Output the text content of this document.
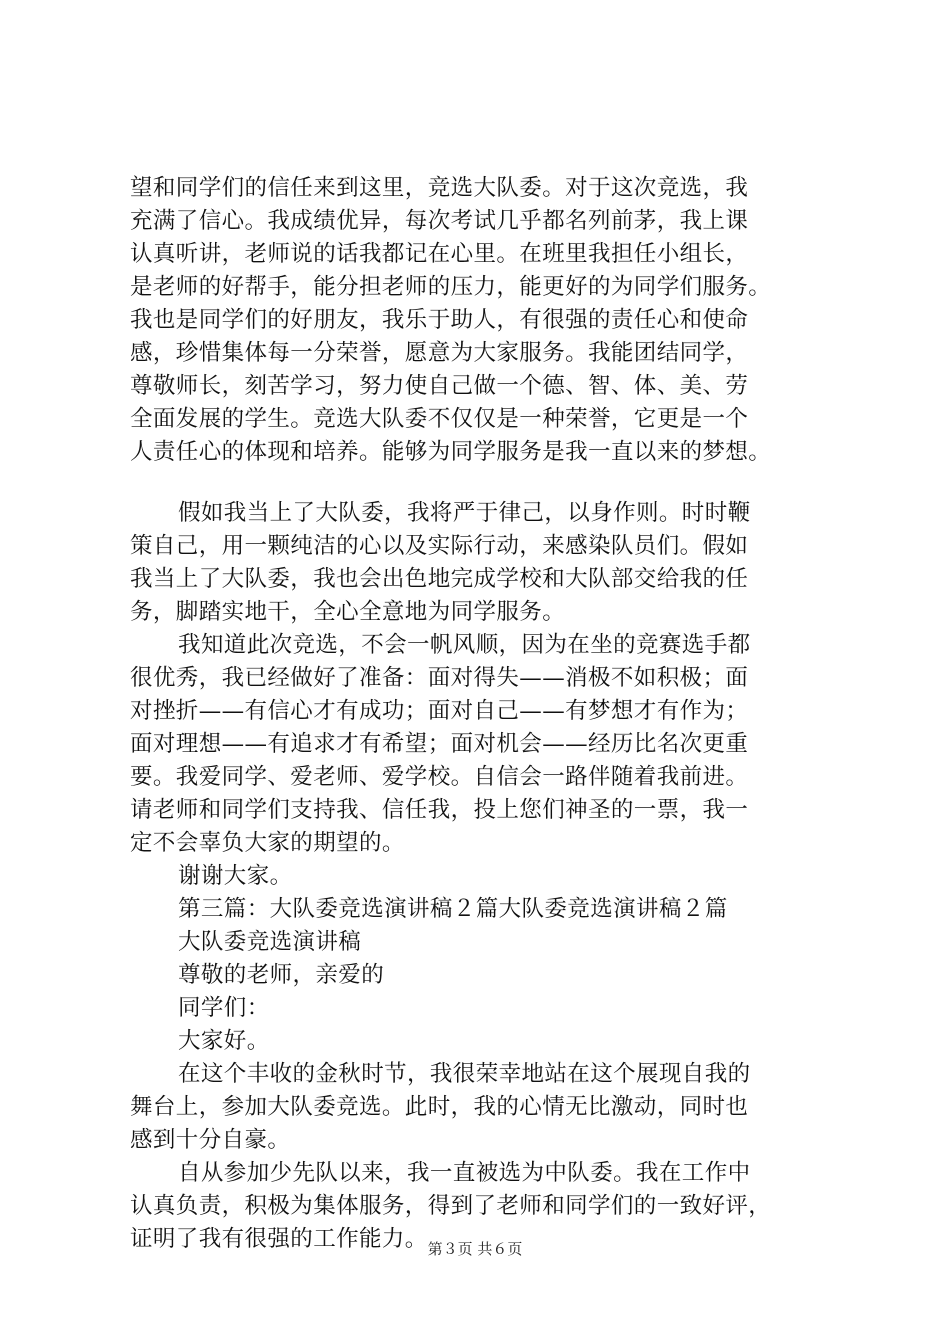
望和同学们的信任来到这里，竞选大队委。对于这次竞选，我
充满了信心。我成绩优异，每次考试几乎都名列前茅，我上课
认真听讲，老师说的话我都记在心里。在班里我担任小组长，
是老师的好帮手，能分担老师的压力，能更好的为同学们服务。
我也是同学们的好朋友，我乐于助人，有很强的责任心和使命
感，珍惜集体每一分荣誉，愿意为大家服务。我能团结同学，
尊敬师长，刻苦学习，努力使自己做一个德、智、体、美、劳
全面发展的学生。竞选大队委不仅仅是一种荣誉，它更是一个
人责任心的体现和培养。能够为同学服务是我一直以来的梦想。
假如我当上了大队委，我将严于律己，以身作则。时时鞭
策自己，用一颗纯洁的心以及实际行动，来感染队员们。假如
我当上了大队委，我也会出色地完成学校和大队部交给我的任
务，脚踏实地干，全心全意地为同学服务。
我知道此次竞选，不会一帆风顺，因为在坐的竞赛选手都
很优秀，我已经做好了准备：面对得失——消极不如积极；面
对挫折——有信心才有成功；面对自己——有梦想才有作为；
面对理想——有追求才有希望；面对机会——经历比名次更重
要。我爱同学、爱老师、爱学校。自信会一路伴随着我前进。
请老师和同学们支持我、信任我，投上您们神圣的一票，我一
定不会辜负大家的期望的。
谢谢大家。
第三篇：大队委竞选演讲稿２篇大队委竞选演讲稿２篇
大队委竞选演讲稿
尊敬的老师，亲爱的
同学们：
大家好。
在这个丰收的金秋时节，我很荣幸地站在这个展现自我的
舞台上，参加大队委竞选。此时，我的心情无比激动，同时也
感到十分自豪。
自从参加少先队以来，我一直被选为中队委。我在工作中
认真负责，积极为集体服务，得到了老师和同学们的一致好评，
证明了我有很强的工作能力。 第３页 共６页
